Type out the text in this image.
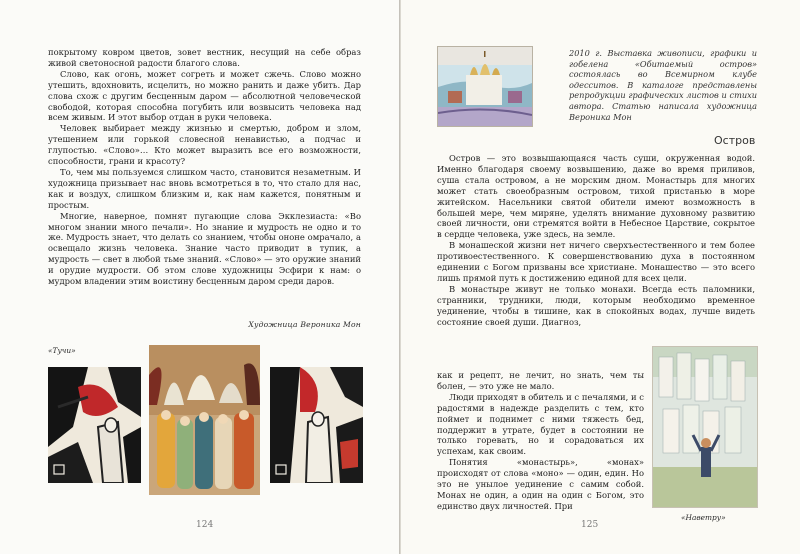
покрытому ковром цветов, зовет вестник, несущий на себе образ живой светоносной радости благого слова.

Слово, как огонь, может согреть и может сжечь. Слово можно утешить, вдохновить, исцелить, но можно ранить и даже убить. Дар слова схож с другим бесценным даром — абсолютной человеческой свободой, которая способна погубить или возвысить человека над всем живым. И этот выбор отдан в руки человека.

Человек выбирает между жизнью и смертью, добром и злом, утешением или горькой словесной ненавистью, а подчас и глупостью. «Слово»… Кто может выразить все его возможности, способности, грани и красоту?

То, чем мы пользуемся слишком часто, становится незаметным. И художница призывает нас вновь всмотреться в то, что стало для нас, как и воздух, слишком близким и, как нам кажется, понятным и простым.

Многие, наверное, помнят пугающие слова Экклезиаста: «Во многом знании много печали». Но знание и мудрость не одно и то же. Мудрость знает, что делать со знанием, чтобы ононе омрачало, а освещало жизнь человека. Знание часто приводит в тупик, а мудрость — свет в любой тьме знаний. «Слово» — это оружие знаний и орудие мудрости. Об этом слове художницы Эсфири к нам: о мудром владении этим воистину бесценным даром среди даров.

Художница Вероника Мон
«Тучи»
124	125
2010 г. Выставка живописи, графики и гобелена «Обитаемый остров» состоялась во Всемирном клубе одесситов. В каталоге представлены репродукции графических листов и стихи автора. Статью написала художница Вероника Мон
Остров

Остров — это возвышающаяся часть суши, окруженная водой. Именно благодаря своему возвышению, даже во время приливов, суша стала островом, а не морским дном. Монастырь для многих может стать своеобразным островом, тихой пристанью в море житейском. Насельники святой обители имеют возможность в большей мере, чем миряне, уделять внимание духовному развитию своей личности, они стремятся войти в Небесное Царствие, сокрытое в сердце человека, уже здесь, на земле.

В монашеской жизни нет ничего сверхъестественного и тем более противоестественного. К совершенствованию духа в постоянном единении с Богом призваны все христиане. Монашество — это всего лишь прямой путь к достижению единой для всех цели.

В монастыре живут не только монахи. Всегда есть паломники, странники, трудники, люди, которым необходимо временное уединение, чтобы в тишине, как в спокойных водах, лучше видеть состояние своей души. Диагноз,

как и рецепт, не лечит, но знать, чем ты болен, — это уже не мало.

Люди приходят в обитель и с печалями, и с радостями в надежде разделить с тем, кто поймет и поднимет с ними тяжесть бед, поддержит в утрате, будет в состоянии не только горевать, но и сорадоваться их успехам, как своим.

Понятия «монастырь», «монах» происходят от слова «моно» — один, един. Но это не унылое уединение с самим собой. Монах не один, а один на один с Богом, это единство двух личностей. При

«Наветру»
